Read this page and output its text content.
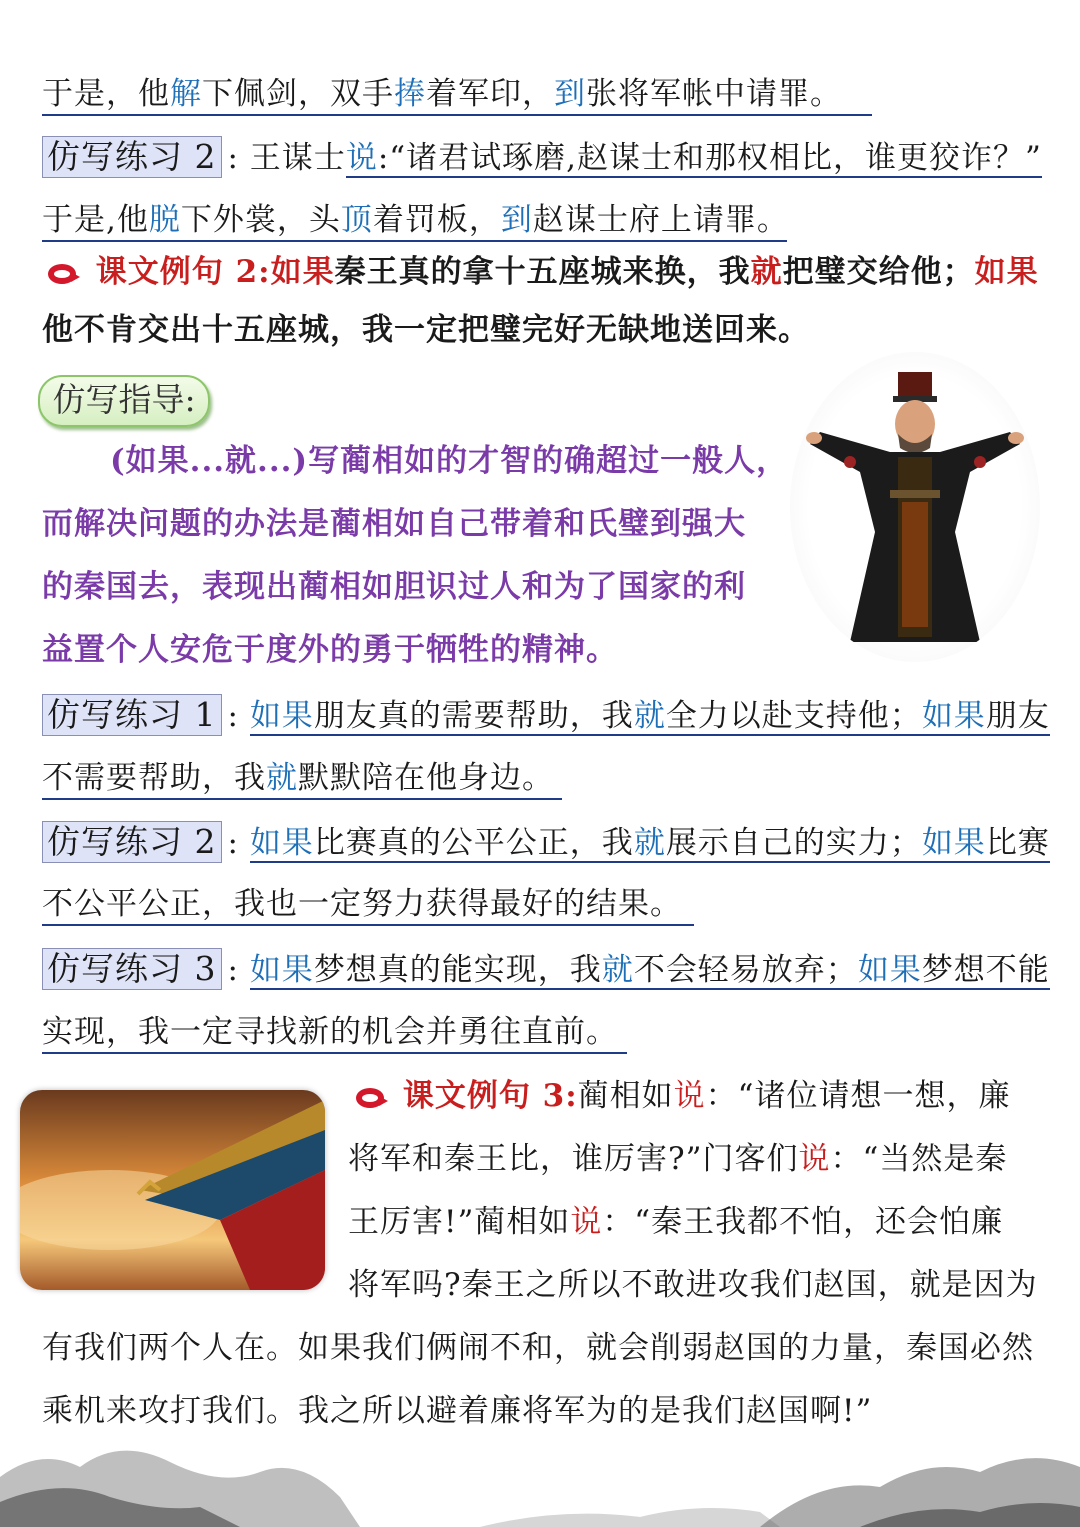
于是，他解下佩剑，双手捧着军印，到张将军帐中请罪。
仿写练习 2 : 王谋士说:“诸君试琢磨,赵谋士和那权相比，谁更狡诈？”
于是,他脱下外裳，头顶着罚板，到赵谋士府上请罪。
课文例句 2:如果秦王真的拿十五座城来换，我就把璧交给他；如果
他不肯交出十五座城，我一定把璧完好无缺地送回来。
仿写指导:
(如果...就...)写蔺相如的才智的确超过一般人，
而解决问题的办法是蔺相如自己带着和氏璧到强大
的秦国去，表现出蔺相如胆识过人和为了国家的利
益置个人安危于度外的勇于牺牲的精神。
仿写练习 1 : 如果朋友真的需要帮助，我就全力以赴支持他；如果朋友
不需要帮助，我就默默陪在他身边。
仿写练习 2 : 如果比赛真的公平公正，我就展示自己的实力；如果比赛
不公平公正，我也一定努力获得最好的结果。
仿写练习 3 : 如果梦想真的能实现，我就不会轻易放弃；如果梦想不能
实现，我一定寻找新的机会并勇往直前。
课文例句 3:蔺相如说：“诸位请想一想，廉
将军和秦王比，谁厉害?”门客们说：“当然是秦
王厉害!”蔺相如说：“秦王我都不怕，还会怕廉
将军吗?秦王之所以不敢进攻我们赵国，就是因为
有我们两个人在。如果我们俩闹不和，就会削弱赵国的力量，秦国必然
乘机来攻打我们。我之所以避着廉将军为的是我们赵国啊!”
